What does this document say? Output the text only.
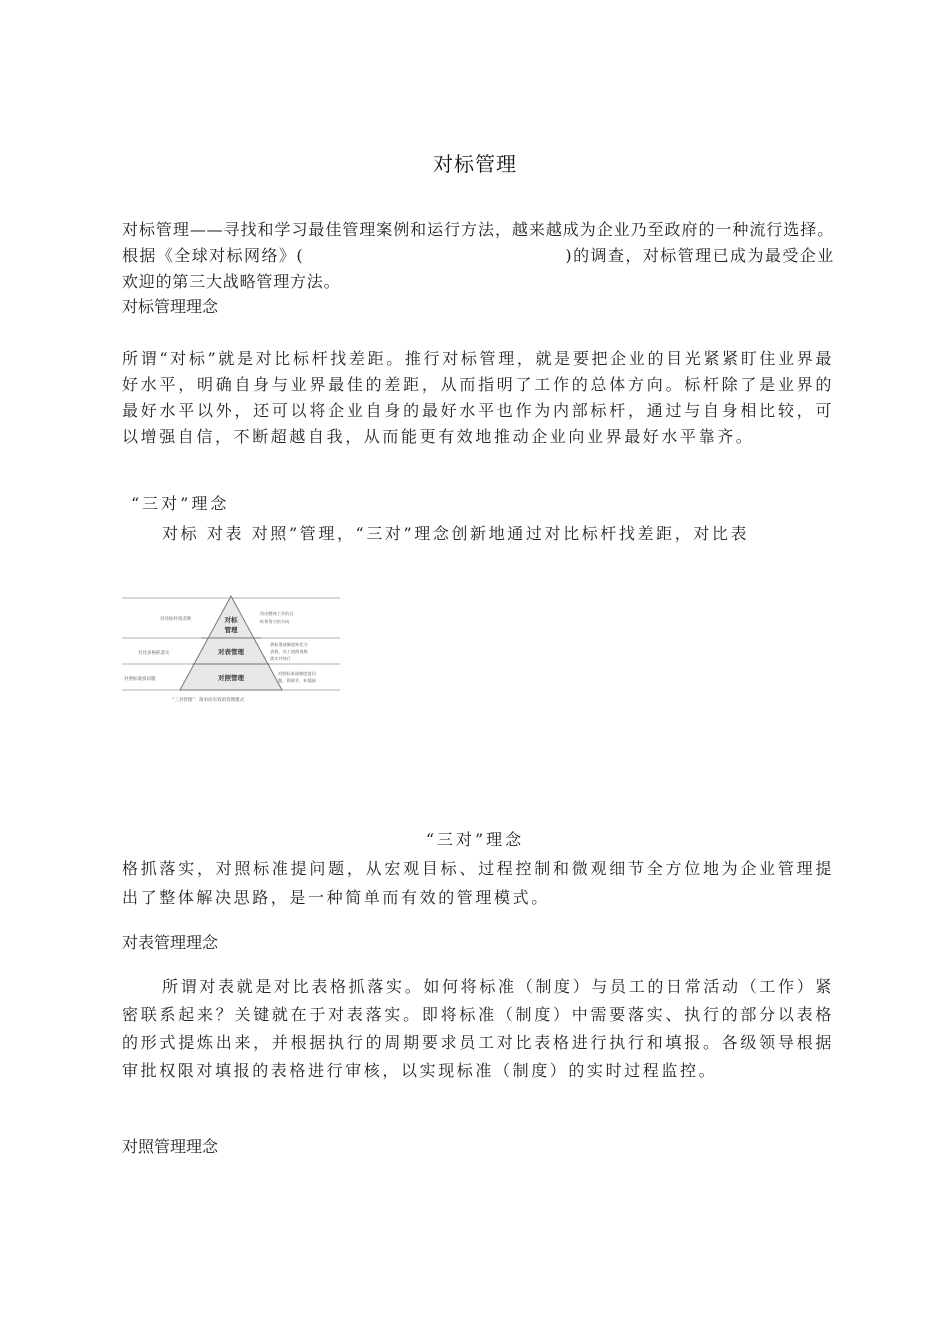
对标管理

对标管理——寻找和学习最佳管理案例和运行方法，越来越成为企业乃至政府的一种流行选择。根据《全球对标网络》(	)的调查，对标管理已成为最受企业欢迎的第三大战略管理方法。

对标管理理念

所谓“对标”就是对比标杆找差距。推行对标管理，就是要把企业的目光紧紧盯住业界最好水平，明确自身与业界最佳的差距，从而指明了工作的总体方向。标杆除了是业界的最好水平以外，还可以将企业自身的最好水平也作为内部标杆，通过与自身相比较，可以增强自信，不断超越自我，从而能更有效地推动企业向业界最好水平靠齐。

“三对”理念

对标 对表 对照”管理，“三对”理念创新地通过对比标杆找差距，对比表

对标
管理
对表管理
对照管理
对比标杆找差距
对比表格抓落实
对照标准找问题
找出整体工作的目
标和努力的方向
将标准或制度转化为
表格，员工按照表格
落实并执行
对照标准或制度提问
题，抓细节，补漏洞
“三对管理”：简单而有效的管理模式
“三对”理念

格抓落实，对照标准提问题，从宏观目标、过程控制和微观细节全方位地为企业管理提出了整体解决思路，是一种简单而有效的管理模式。

对表管理理念

所谓对表就是对比表格抓落实。如何将标准（制度）与员工的日常活动（工作）紧密联系起来？关键就在于对表落实。即将标准（制度）中需要落实、执行的部分以表格的形式提炼出来，并根据执行的周期要求员工对比表格进行执行和填报。各级领导根据审批权限对填报的表格进行审核，以实现标准（制度）的实时过程监控。

对照管理理念
